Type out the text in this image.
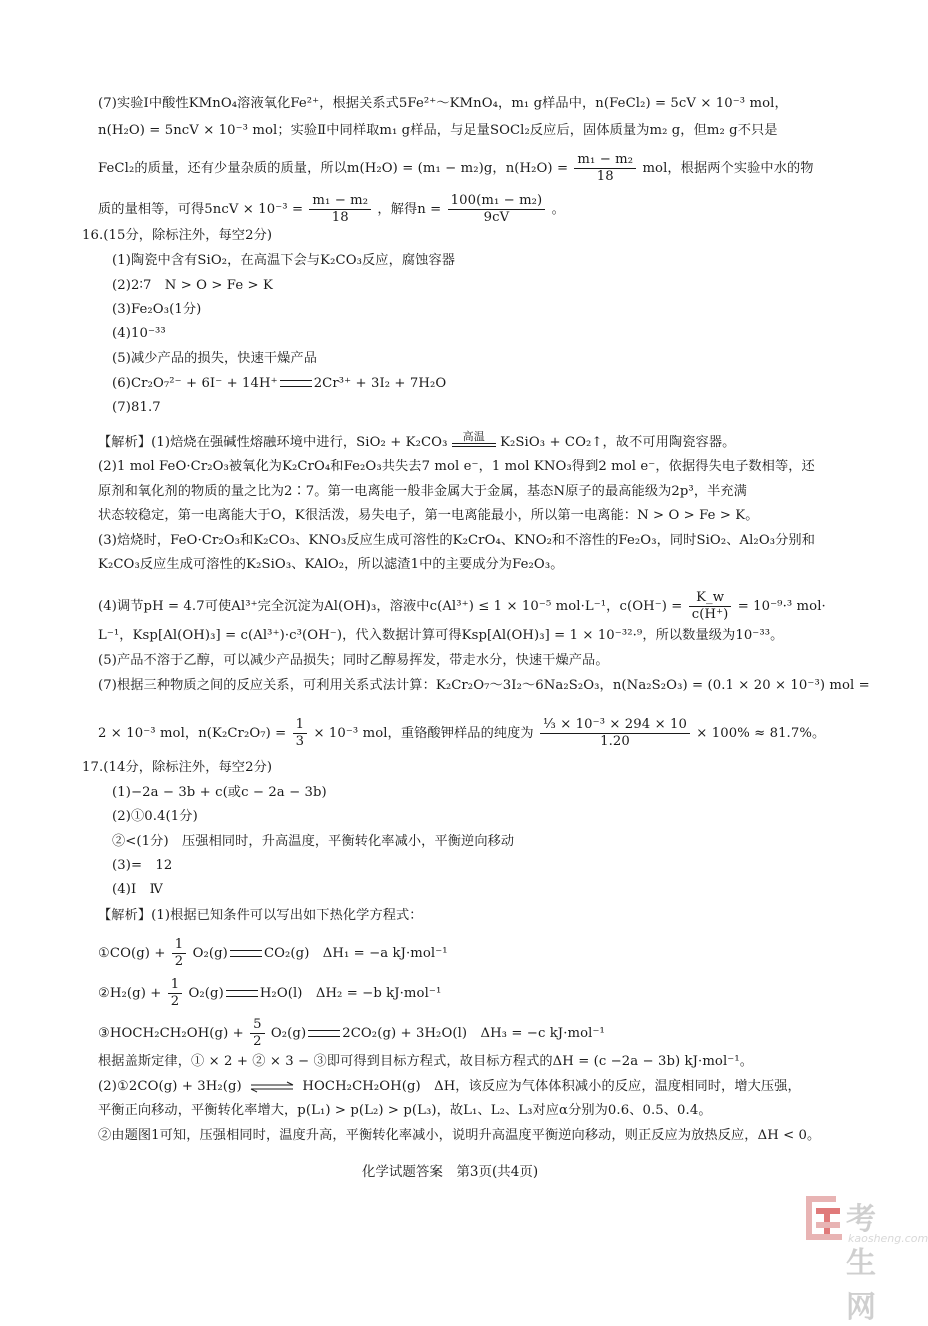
(7)实验Ⅰ中酸性KMnO₄溶液氧化Fe²⁺，根据关系式5Fe²⁺～KMnO₄，m₁ g样品中，n(FeCl₂) = 5cV × 10⁻³ mol，
n(H₂O) = 5ncV × 10⁻³ mol；实验Ⅱ中同样取m₁ g样品，与足量SOCl₂反应后，固体质量为m₂ g，但m₂ g不只是
FeCl₂的质量，还有少量杂质的质量，所以m(H₂O) = (m₁ − m₂)g，$n(H_2O) = \frac{\text{m₁ − m₂}}{18}$ mol，根据两个实验中水的物
质的量相等，可得$5ncV \times 10^{-3} = \frac{\text{m₁ − m₂}}{18}$ ，解得$n = \frac{\text{100(m₁ − m₂)}}{9cV}$ 。
16.(15分，除标注外，每空2分)
(1)陶瓷中含有SiO₂，在高温下会与K₂CO₃反应，腐蚀容器
(2)2∶7　N > O > Fe > K
(3)Fe₂O₃(1分)
(4)10⁻³³
(5)减少产品的损失，快速干燥产品
(6)Cr₂O₇²⁻ + 6I⁻ + 14H⁺	2Cr³⁺ + 3I₂ + 7H₂O
(7)81.7
【解析】(1)焙烧在强碱性熔融环境中进行，SiO₂ + K₂CO₃	高温	K₂SiO₃ + CO₂↑，故不可用陶瓷容器。
(2)1 mol FeO·Cr₂O₃被氧化为K₂CrO₄和Fe₂O₃共失去7 mol e⁻，1 mol KNO₃得到2 mol e⁻，依据得失电子数相等，还
原剂和氧化剂的物质的量之比为2∶7。第一电离能一般非金属大于金属，基态N原子的最高能级为2p³，半充满
状态较稳定，第一电离能大于O，K很活泼，易失电子，第一电离能最小，所以第一电离能：N > O > Fe > K。
(3)焙烧时，FeO·Cr₂O₃和K₂CO₃、KNO₃反应生成可溶性的K₂CrO₄、KNO₂和不溶性的Fe₂O₃，同时SiO₂、Al₂O₃分别和
K₂CO₃反应生成可溶性的K₂SiO₃、KAlO₂，所以滤渣1中的主要成分为Fe₂O₃。
(4)调节pH = 4.7可使Al³⁺完全沉淀为Al(OH)₃，溶液中c(Al³⁺) ≤ 1 × 10⁻⁵ mol·L⁻¹，$c(OH^-) = \frac{K\_w}{c(H^+)} = 10^{-9}\cdot^3$ mol·
L⁻¹，Ksp[Al(OH)₃] = c(Al³⁺)·c³(OH⁻)，代入数据计算可得Ksp[Al(OH)₃] = 1 × 10⁻³²·⁹，所以数量级为10⁻³³。
(5)产品不溶于乙醇，可以减少产品损失；同时乙醇易挥发，带走水分，快速干燥产品。
(7)根据三种物质之间的反应关系，可利用关系式法计算：K₂Cr₂O₇～3I₂～6Na₂S₂O₃，n(Na₂S₂O₃) = (0.1 × 20 × 10⁻³) mol =
2 × 10⁻³ mol，$n(K_2Cr_2O_7) = \frac{1}{3} \times 10^{-3}$ mol，重铬酸钾样品的纯度为 $\frac{\text{⅓ × 10⁻³ × 294 × 10}}{1.20} \times 100\% \approx 81.7\%$。
17.(14分，除标注外，每空2分)
(1)−2a − 3b + c(或c − 2a − 3b)
(2)①0.4(1分)
②<(1分)　压强相同时，升高温度，平衡转化率减小，平衡逆向移动
(3)=　12
(4)Ⅰ　Ⅳ
【解析】(1)根据已知条件可以写出如下热化学方程式：
①CO(g) + $\frac{1}{2} O_2(g)$	CO₂(g)　ΔH₁ = −a kJ·mol⁻¹
②H₂(g) + $\frac{1}{2} O_2(g)$	H₂O(l)　ΔH₂ = −b kJ·mol⁻¹
③HOCH₂CH₂OH(g) + $\frac{5}{2} O_2(g)$	2CO₂(g) + 3H₂O(l)　ΔH₃ = −c kJ·mol⁻¹
根据盖斯定律，① × 2 + ② × 3 − ③即可得到目标方程式，故目标方程式的ΔH = (c −2a − 3b) kJ·mol⁻¹。
(2)①2CO(g) + 3H₂(g) ⇌ HOCH₂CH₂OH(g)　ΔH，该反应为气体体积减小的反应，温度相同时，增大压强，
平衡正向移动，平衡转化率增大，p(L₁) > p(L₂) > p(L₃)，故L₁、L₂、L₃对应α分别为0.6、0.5、0.4。
②由题图1可知，压强相同时，温度升高，平衡转化率减小，说明升高温度平衡逆向移动，则正反应为放热反应，ΔH < 0。
化学试题答案　第3页(共4页)
考生网
kaosheng.com
